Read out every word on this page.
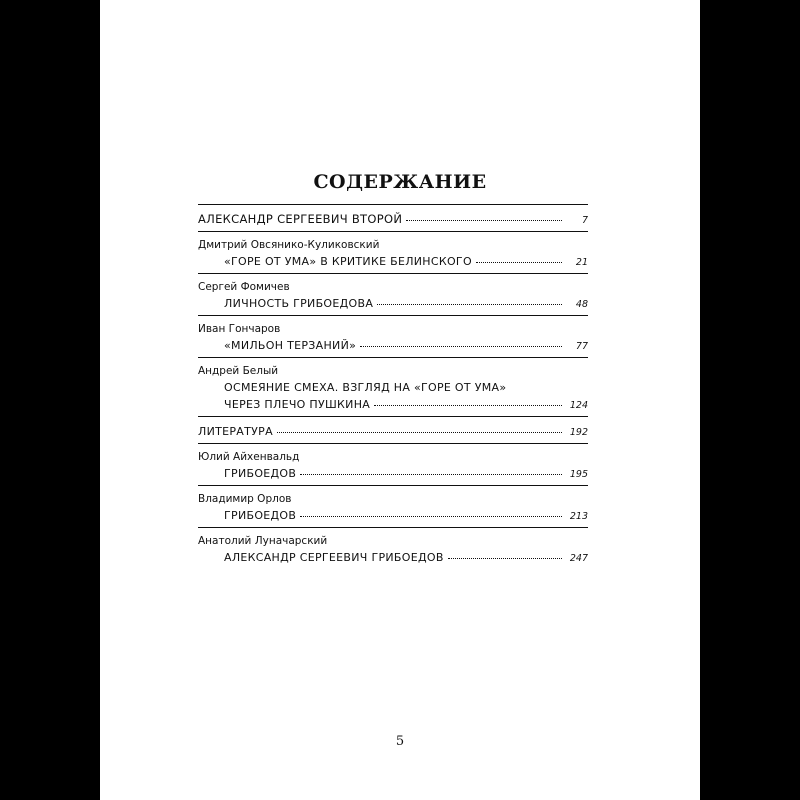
СОДЕРЖАНИЕ
АЛЕКСАНДР СЕРГЕЕВИЧ ВТОРОЙ	7
Дмитрий Овсянико-Куликовский
«ГОРЕ ОТ УМА» В КРИТИКЕ БЕЛИНСКОГО	21
Сергей Фомичев
ЛИЧНОСТЬ ГРИБОЕДОВА	48
Иван Гончаров
«МИЛЬОН ТЕРЗАНИЙ»	77
Андрей Белый
ОСМЕЯНИЕ СМЕХА. ВЗГЛЯД НА «ГОРЕ ОТ УМА»
ЧЕРЕЗ ПЛЕЧО ПУШКИНА	124
ЛИТЕРАТУРА	192
Юлий Айхенвальд
ГРИБОЕДОВ	195
Владимир Орлов
ГРИБОЕДОВ	213
Анатолий Луначарский
АЛЕКСАНДР СЕРГЕЕВИЧ ГРИБОЕДОВ	247
5
